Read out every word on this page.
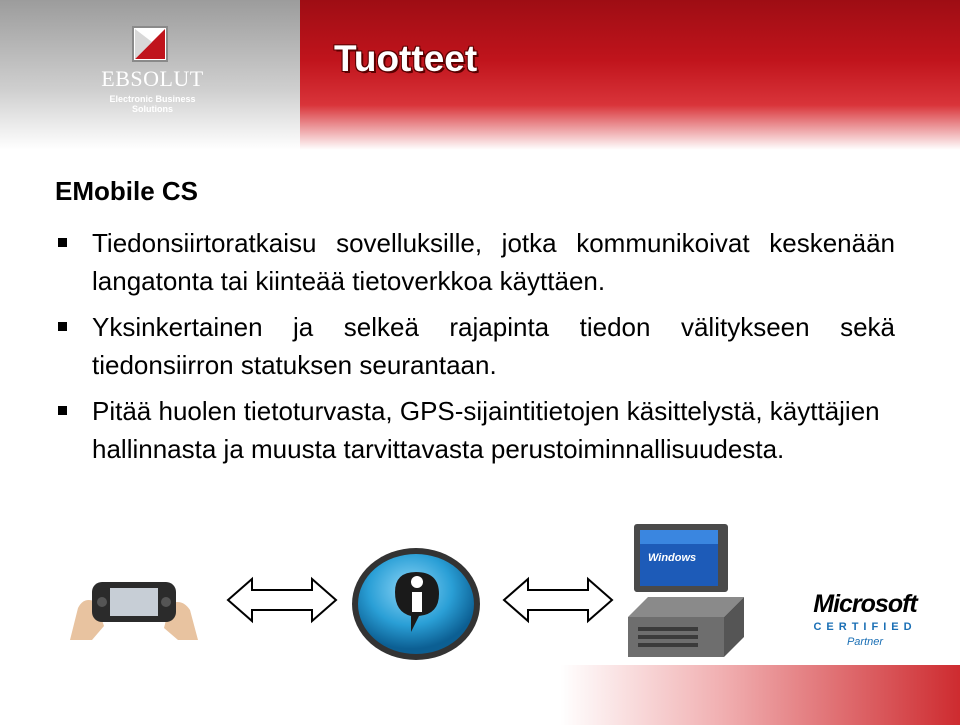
EBSOLUT
Electronic Business Solutions
Tuotteet
EMobile CS
Tiedonsiirtoratkaisu sovelluksille, jotka kommunikoivat keskenään langatonta tai kiinteää tietoverkkoa käyttäen.
Yksinkertainen ja selkeä rajapinta tiedon välitykseen sekä tiedonsiirron statuksen seurantaan.
Pitää huolen tietoturvasta, GPS-sijaintitietojen käsittelystä, käyttäjien hallinnasta ja muusta tarvittavasta perustoiminnallisuudesta.
Windows
Microsoft
CERTIFIED
Partner
